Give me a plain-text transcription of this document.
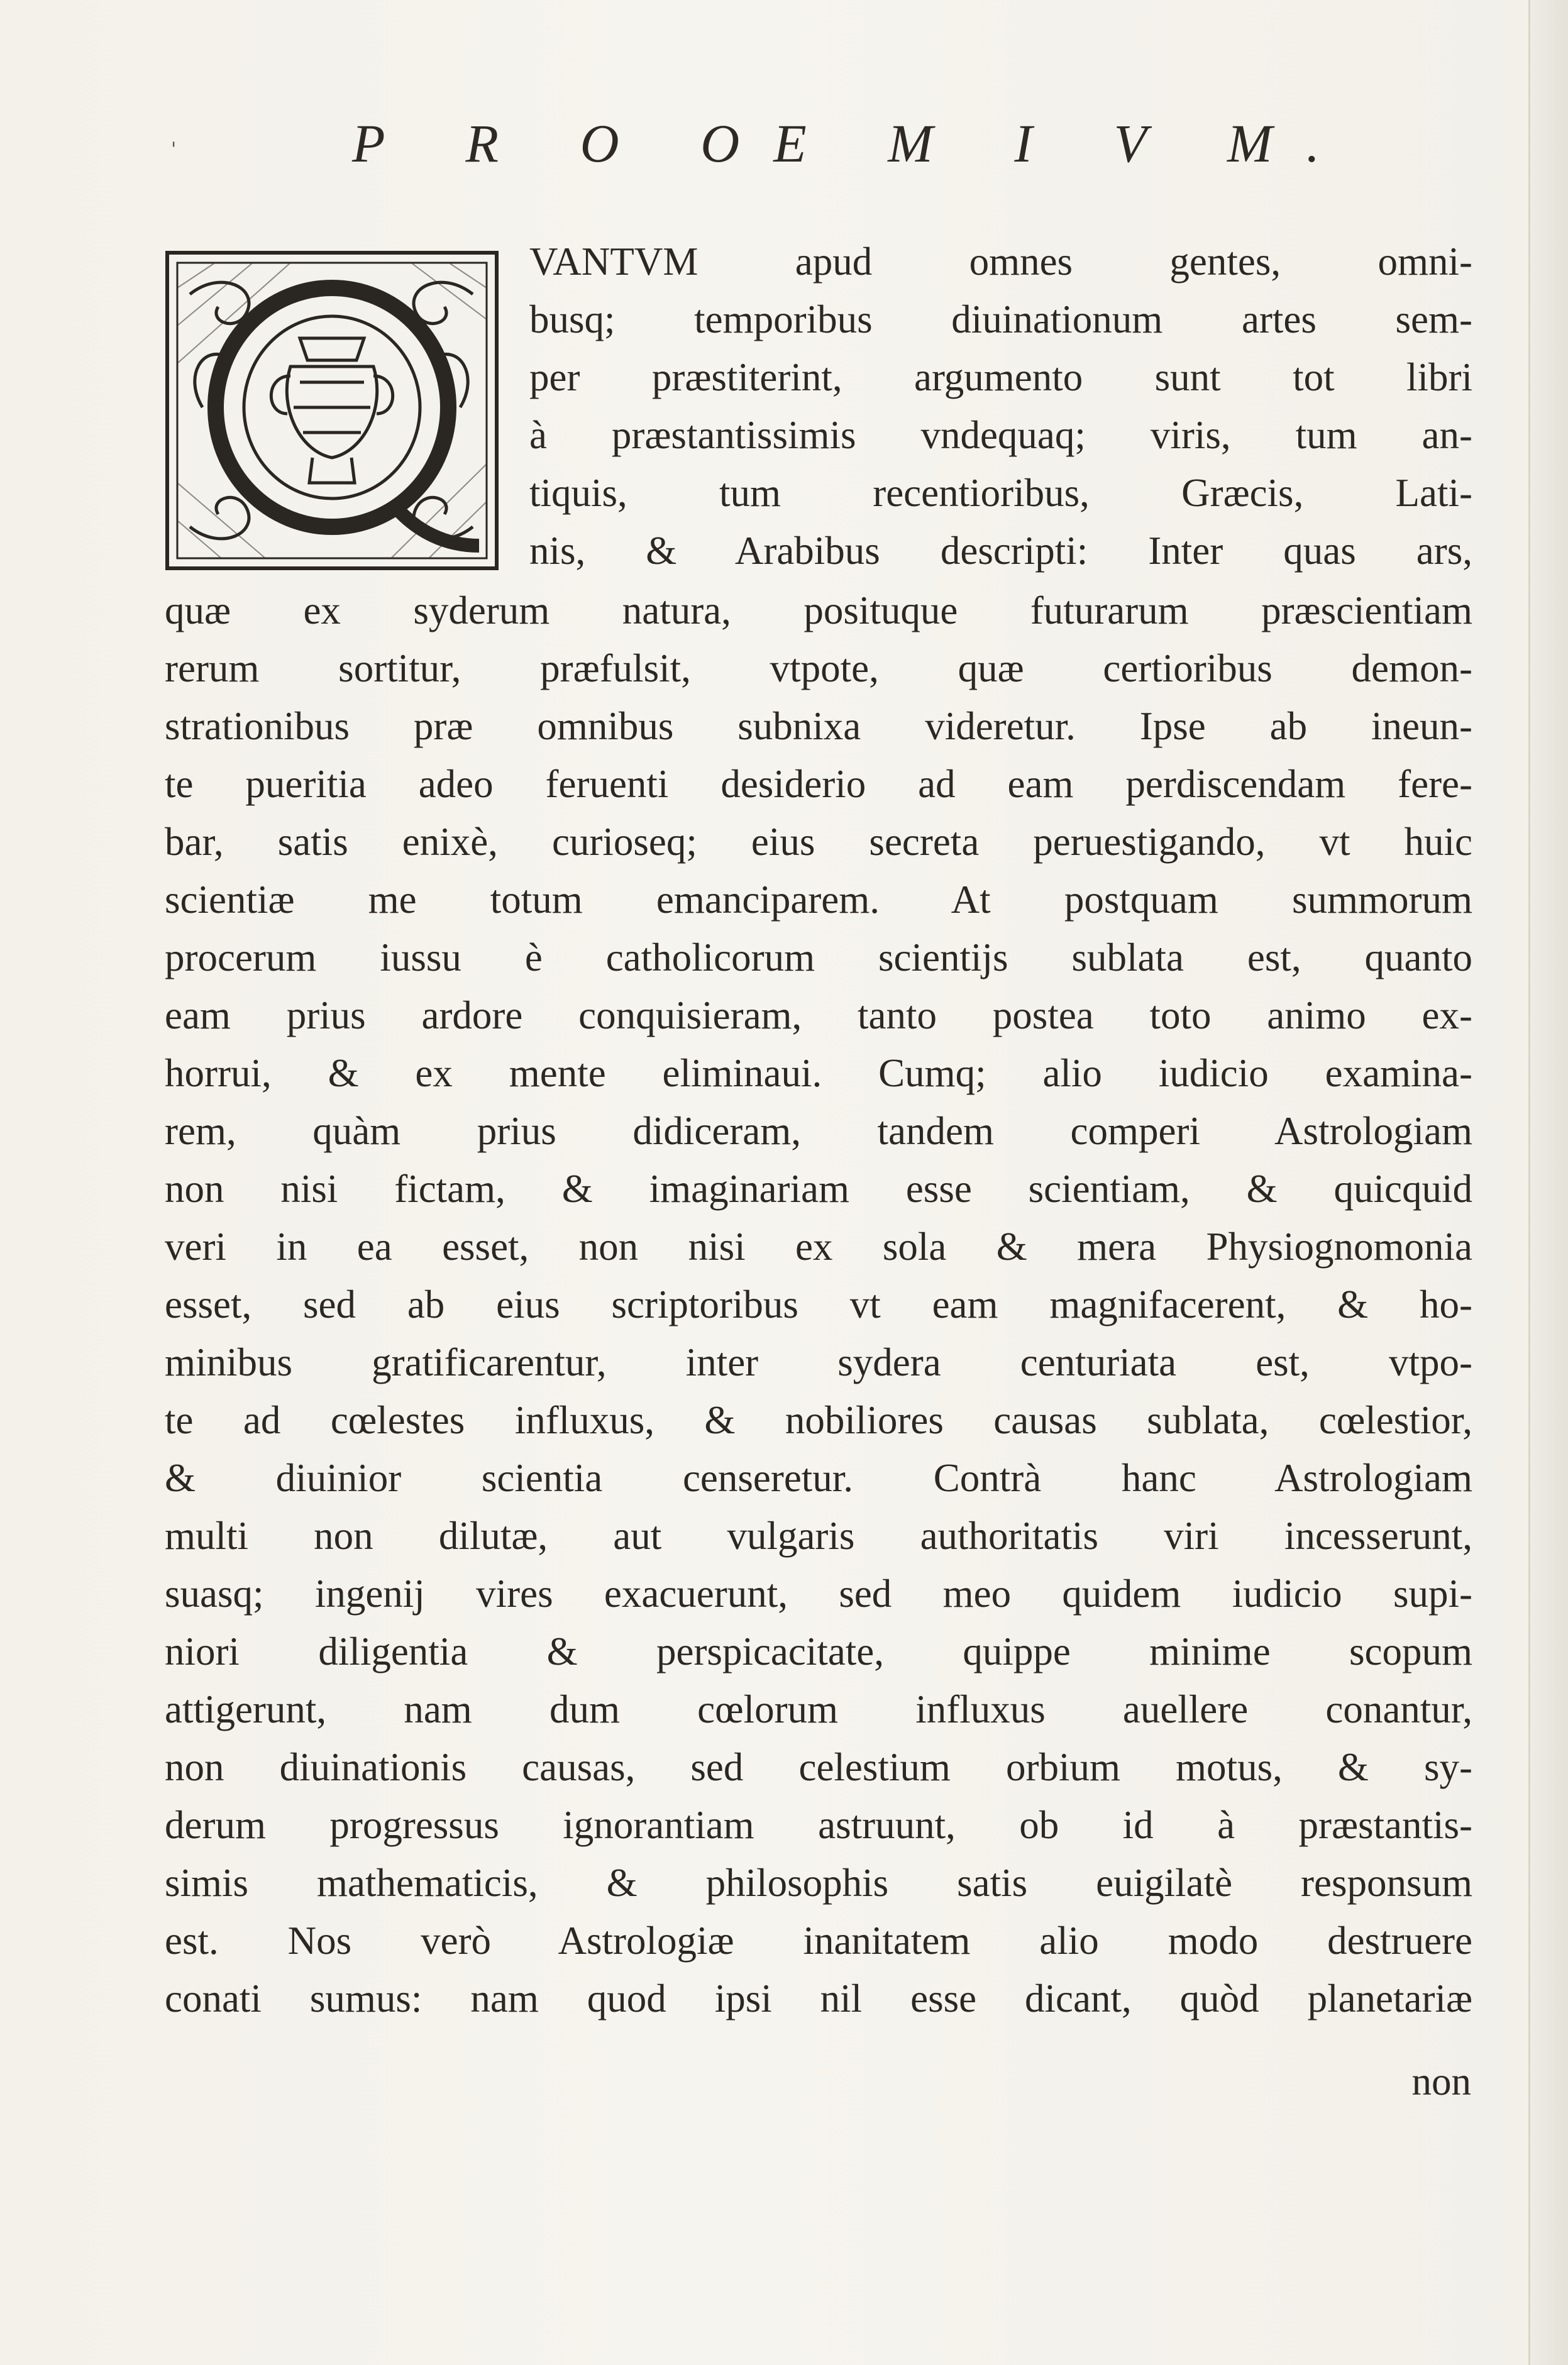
P R O OE M I V M.
VANTVM apud omnes gentes, omni-
busq; temporibus diuinationum artes sem-
per præstiterint, argumento sunt tot libri
à præstantissimis vndequaq; viris, tum an-
tiquis, tum recentioribus, Græcis, Lati-
nis, & Arabibus descripti: Inter quas ars,
quæ ex syderum natura, posituque futurarum præscientiam
rerum sortitur, præfulsit, vtpote, quæ certioribus demon-
strationibus præ omnibus subnixa videretur. Ipse ab ineun-
te pueritia adeo feruenti desiderio ad eam perdiscendam fere-
bar, satis enixè, curioseq; eius secreta peruestigando, vt huic
scientiæ me totum emanciparem. At postquam summorum
procerum iussu è catholicorum scientijs sublata est, quanto
eam prius ardore conquisieram, tanto postea toto animo ex-
horrui, & ex mente eliminaui. Cumq; alio iudicio examina-
rem, quàm prius didiceram, tandem comperi Astrologiam
non nisi fictam, & imaginariam esse scientiam, & quicquid
veri in ea esset, non nisi ex sola & mera Physiognomonia
esset, sed ab eius scriptoribus vt eam magnifacerent, & ho-
minibus gratificarentur, inter sydera centuriata est, vtpo-
te ad cœlestes influxus, & nobiliores causas sublata, cœlestior,
& diuinior scientia censeretur. Contrà hanc Astrologiam
multi non dilutæ, aut vulgaris authoritatis viri incesserunt,
suasq; ingenij vires exacuerunt, sed meo quidem iudicio supi-
niori diligentia & perspicacitate, quippe minime scopum
attigerunt, nam dum cœlorum influxus auellere conantur,
non diuinationis causas, sed celestium orbium motus, & sy-
derum progressus ignorantiam astruunt, ob id à præstantis-
simis mathematicis, & philosophis satis euigilatè responsum
est. Nos verò Astrologiæ inanitatem alio modo destruere
conati sumus: nam quod ipsi nil esse dicant, quòd planetariæ
non
